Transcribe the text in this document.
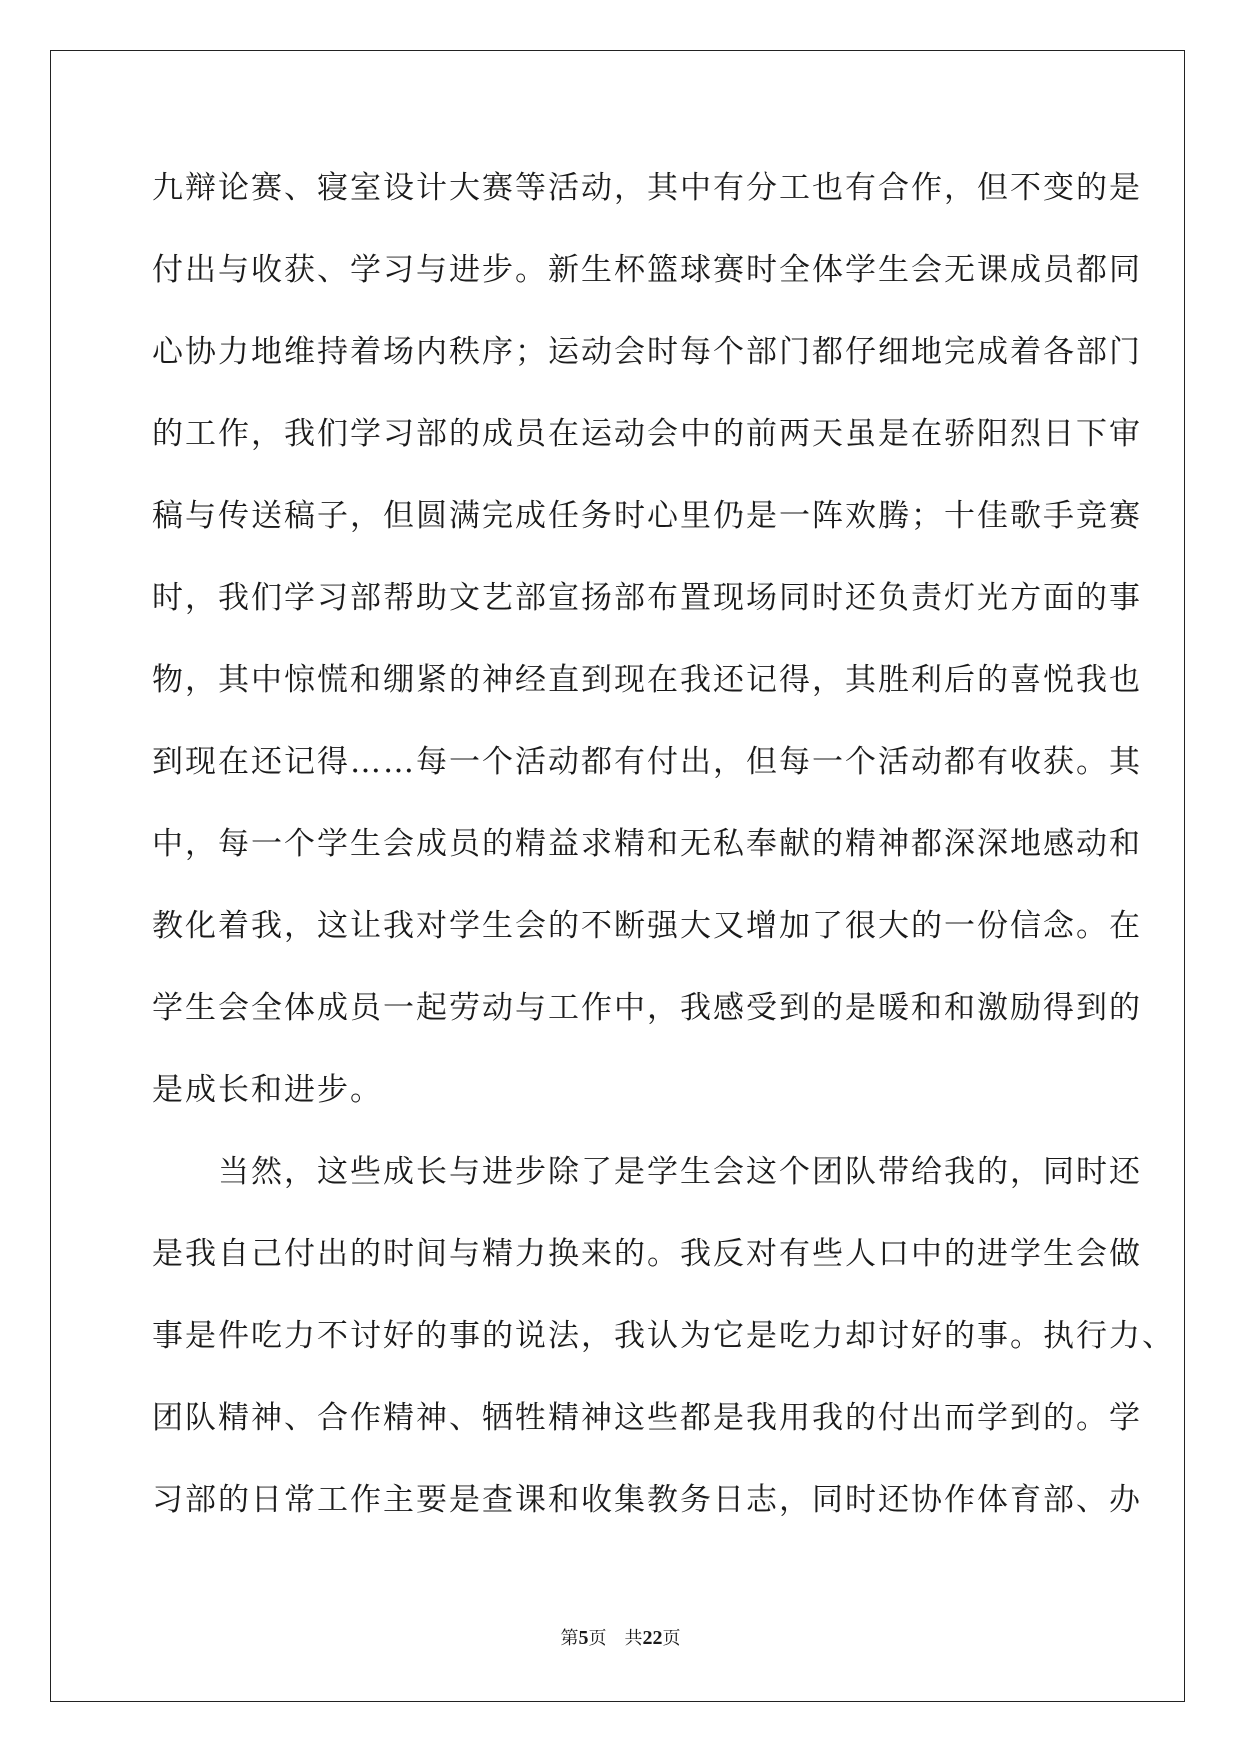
九辩论赛、寝室设计大赛等活动，其中有分工也有合作，但不变的是
付出与收获、学习与进步。新生杯篮球赛时全体学生会无课成员都同
心协力地维持着场内秩序；运动会时每个部门都仔细地完成着各部门
的工作，我们学习部的成员在运动会中的前两天虽是在骄阳烈日下审
稿与传送稿子，但圆满完成任务时心里仍是一阵欢腾；十佳歌手竞赛
时，我们学习部帮助文艺部宣扬部布置现场同时还负责灯光方面的事
物，其中惊慌和绷紧的神经直到现在我还记得，其胜利后的喜悦我也
到现在还记得……每一个活动都有付出，但每一个活动都有收获。其
中，每一个学生会成员的精益求精和无私奉献的精神都深深地感动和
教化着我，这让我对学生会的不断强大又增加了很大的一份信念。在
学生会全体成员一起劳动与工作中，我感受到的是暖和和激励得到的
是成长和进步。
　　当然，这些成长与进步除了是学生会这个团队带给我的，同时还
是我自己付出的时间与精力换来的。我反对有些人口中的进学生会做
事是件吃力不讨好的事的说法，我认为它是吃力却讨好的事。执行力、
团队精神、合作精神、牺牲精神这些都是我用我的付出而学到的。学
习部的日常工作主要是查课和收集教务日志，同时还协作体育部、办
第5页　共22页
